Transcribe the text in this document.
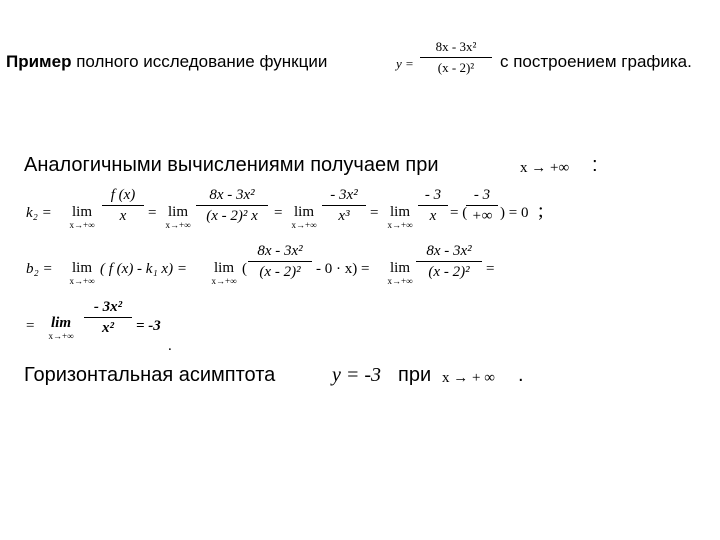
Пример полного исследование функции	y =
8x - 3x²
(x - 2)²	с построением графика.
Аналогичными вычислениями получаем при	x → +∞ :
k₂ =	lim
x→+∞
f (x)
x	= lim
x→+∞
8x - 3x²
(x - 2)² x	= lim
x→+∞
- 3x²
x³	= lim
x→+∞
- 3
x = (
- 3
+∞ ) = 0 ;
b₂ =	lim
x→+∞
( f (x) - k₁ x) =	lim
x→+∞
(
8x - 3x²
(x - 2)²	- 0 · x) =	lim
x→+∞
8x - 3x²
(x - 2)²	=
=	lim
x→+∞
- 3x²
x²	= -3
.
Горизонтальная асимптота	y = -3 при x → + ∞ .
